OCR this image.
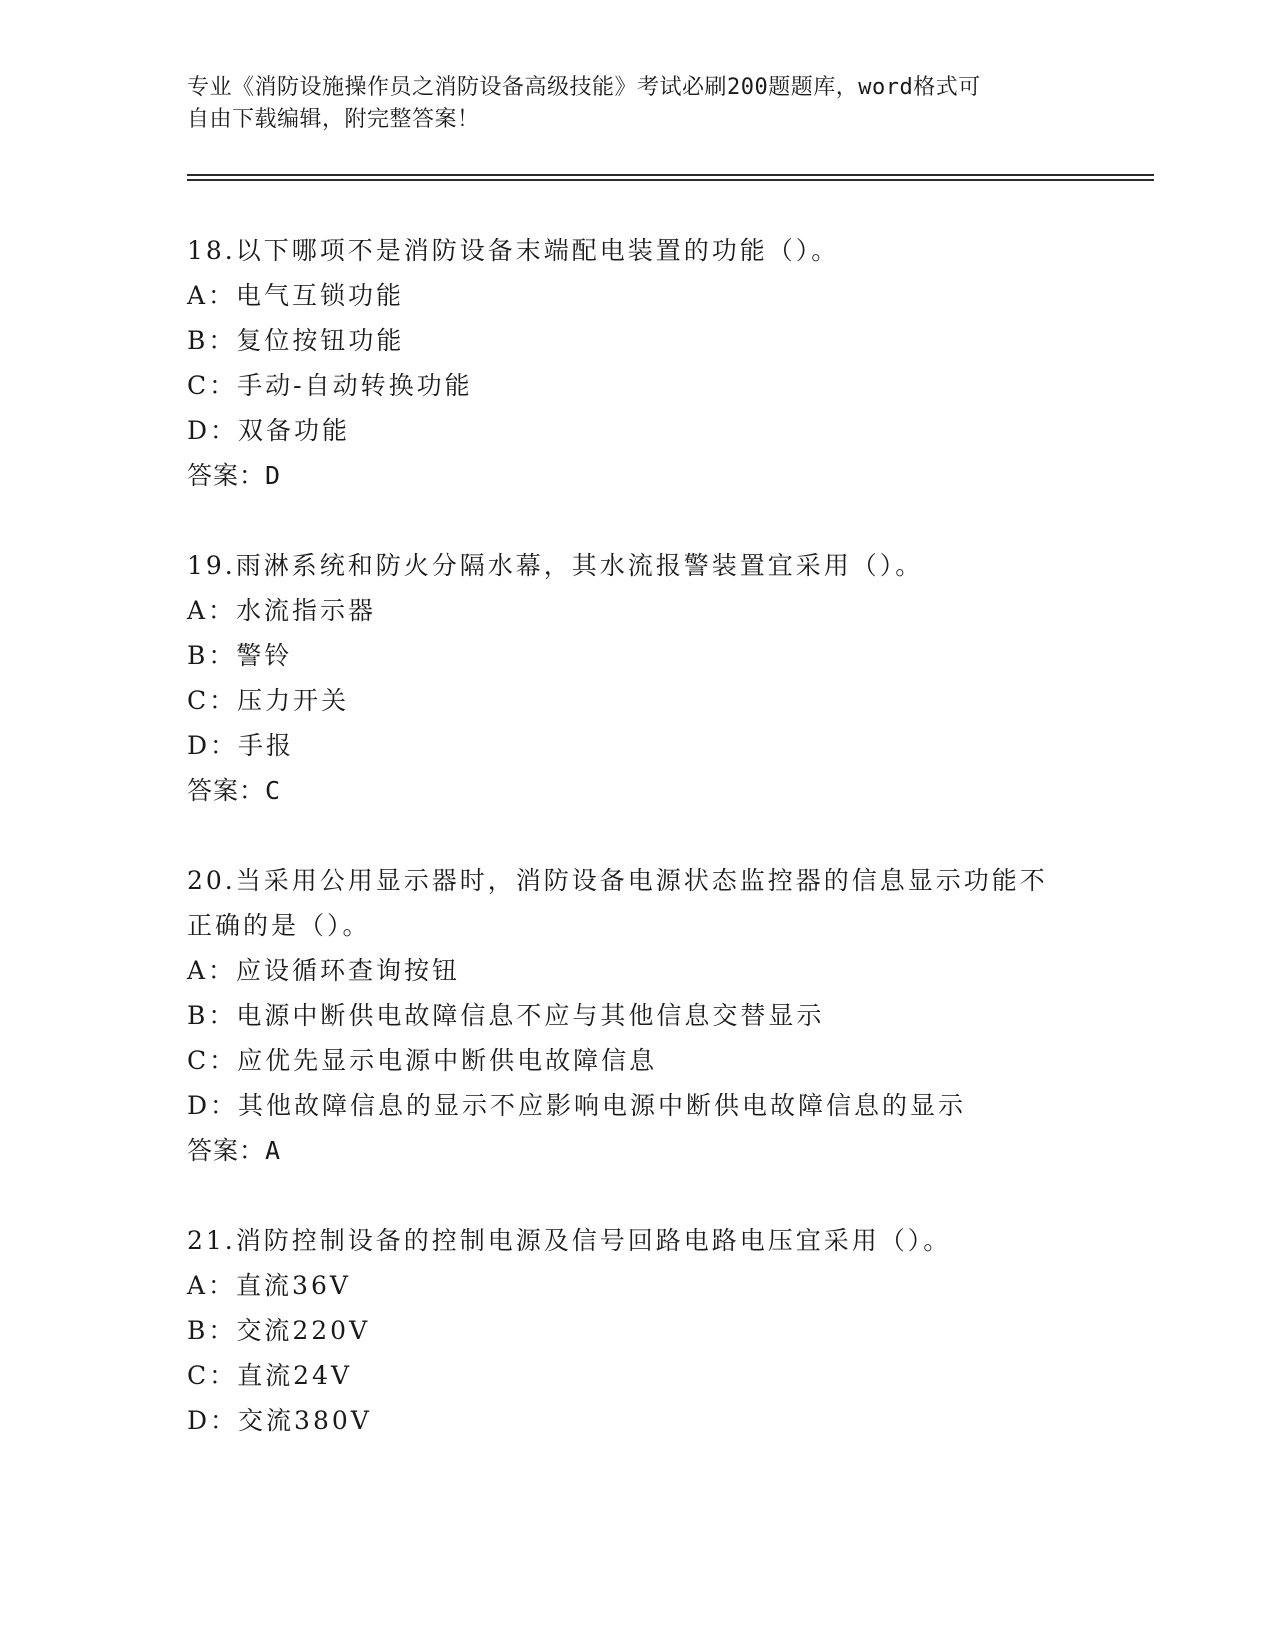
专业《消防设施操作员之消防设备高级技能》考试必刷200题题库，word格式可
自由下载编辑，附完整答案！
18.以下哪项不是消防设备末端配电装置的功能（）。
A：电气互锁功能
B：复位按钮功能
C：手动-自动转换功能
D：双备功能
答案：D
19.雨淋系统和防火分隔水幕，其水流报警装置宜采用（）。
A：水流指示器
B：警铃
C：压力开关
D：手报
答案：C
20.当采用公用显示器时，消防设备电源状态监控器的信息显示功能不
正确的是（）。
A：应设循环查询按钮
B：电源中断供电故障信息不应与其他信息交替显示
C：应优先显示电源中断供电故障信息
D：其他故障信息的显示不应影响电源中断供电故障信息的显示
答案：A
21.消防控制设备的控制电源及信号回路电路电压宜采用（）。
A：直流36V
B：交流220V
C：直流24V
D：交流380V
